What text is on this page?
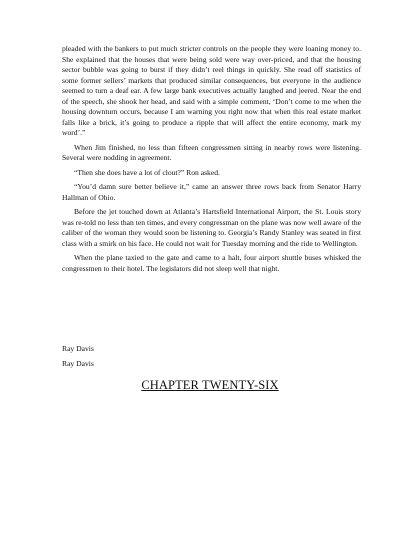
pleaded with the bankers to put much stricter controls on the people they were loaning money to. She explained that the houses that were being sold were way over-priced, and that the housing sector bubble was going to burst if they didn’t reel things in quickly. She read off statistics of some former sellers’ markets that produced similar consequences, but everyone in the audience seemed to turn a deaf ear. A few large bank executives actually laughed and jeered. Near the end of the speech, she shook her head, and said with a simple comment, ‘Don’t come to me when the housing downturn occurs, because I am warning you right now that when this real estate market falls like a brick, it’s going to produce a ripple that will affect the entire economy, mark my word’.”

When Jim finished, no less than fifteen congressmen sitting in nearby rows were listening. Several were nodding in agreement.

“Then she does have a lot of clout?” Ron asked.

“You’d damn sure better believe it,” came an answer three rows back from Senator Harry Hallman of Ohio.

Before the jet touched down at Atlanta’s Hartsfield International Airport, the St. Louis story was re-told no less than ten times, and every congressman on the plane was now well aware of the caliber of the woman they would soon be listening to. Georgia’s Randy Stanley was seated in first class with a smirk on his face. He could not wait for Tuesday morning and the ride to Wellington.

When the plane taxied to the gate and came to a halt, four airport shuttle buses whisked the congressmen to their hotel. The legislators did not sleep well that night.

Ray Davis
Ray Davis
CHAPTER TWENTY-SIX
